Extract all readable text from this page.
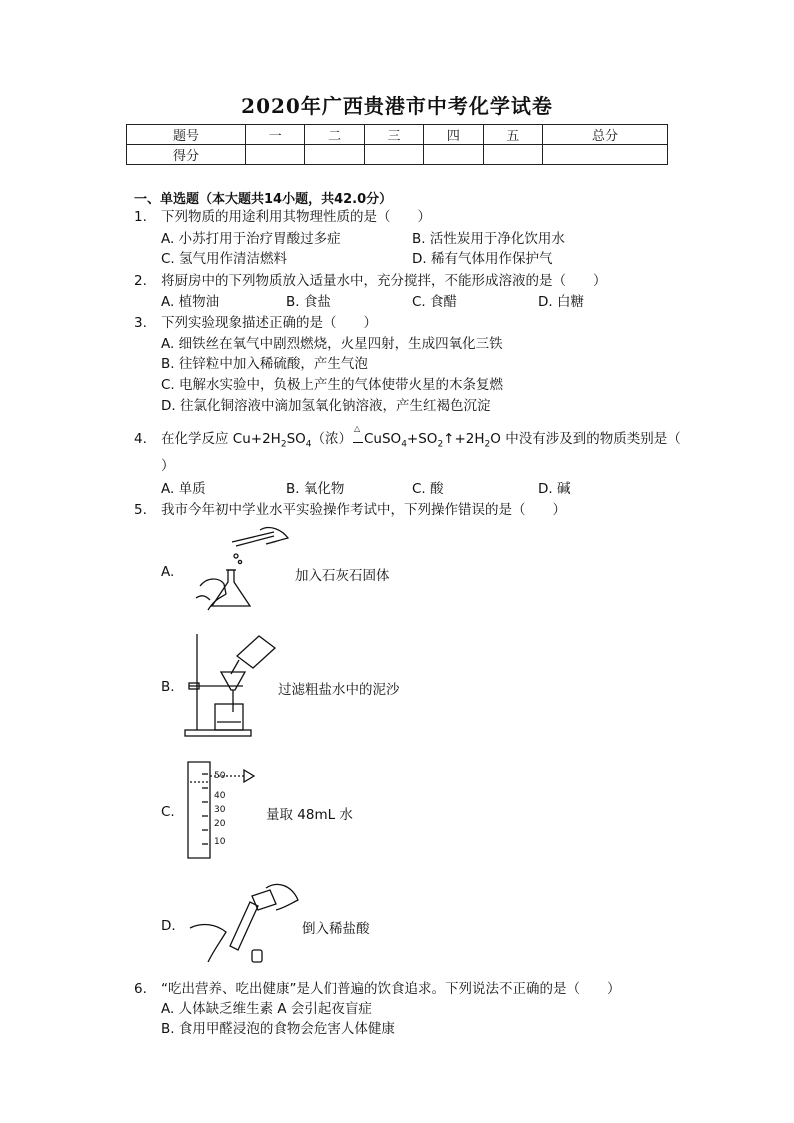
2020年广西贵港市中考化学试卷
题号	一	二	三	四	五	总分
得分						
一、单选题（本大题共14小题，共42.0分）
1. 下列物质的用途利用其物理性质的是（　　）
A. 小苏打用于治疗胃酸过多症	B. 活性炭用于净化饮用水
C. 氢气用作清洁燃料	D. 稀有气体用作保护气
2. 将厨房中的下列物质放入适量水中，充分搅拌，不能形成溶液的是（　　）
A. 植物油	B. 食盐	C. 食醋	D. 白糖
3. 下列实验现象描述正确的是（　　）
A. 细铁丝在氧气中剧烈燃烧，火星四射，生成四氧化三铁
B. 往锌粒中加入稀硫酸，产生气泡
C. 电解水实验中，负极上产生的气体使带火星的木条复燃
D. 往氯化铜溶液中滴加氢氧化钠溶液，产生红褐色沉淀
4. 在化学反应 $Cu+2H_2SO_4$（浓）
△
$CuSO_4+SO_2↑+2H_2O$ 中没有涉及到的物质类别是（
）
A. 单质	B. 氧化物	C. 酸	D. 碱
5. 我市今年初中学业水平实验操作考试中，下列操作错误的是（　　）
A.	加入石灰石固体
B.	过滤粗盐水中的泥沙
C.
50
40
30
20
10
量取 48mL 水
D.	倒入稀盐酸
6. “吃出营养、吃出健康”是人们普遍的饮食追求。下列说法不正确的是（　　）
A. 人体缺乏维生素 A 会引起夜盲症
B. 食用甲醛浸泡的食物会危害人体健康
